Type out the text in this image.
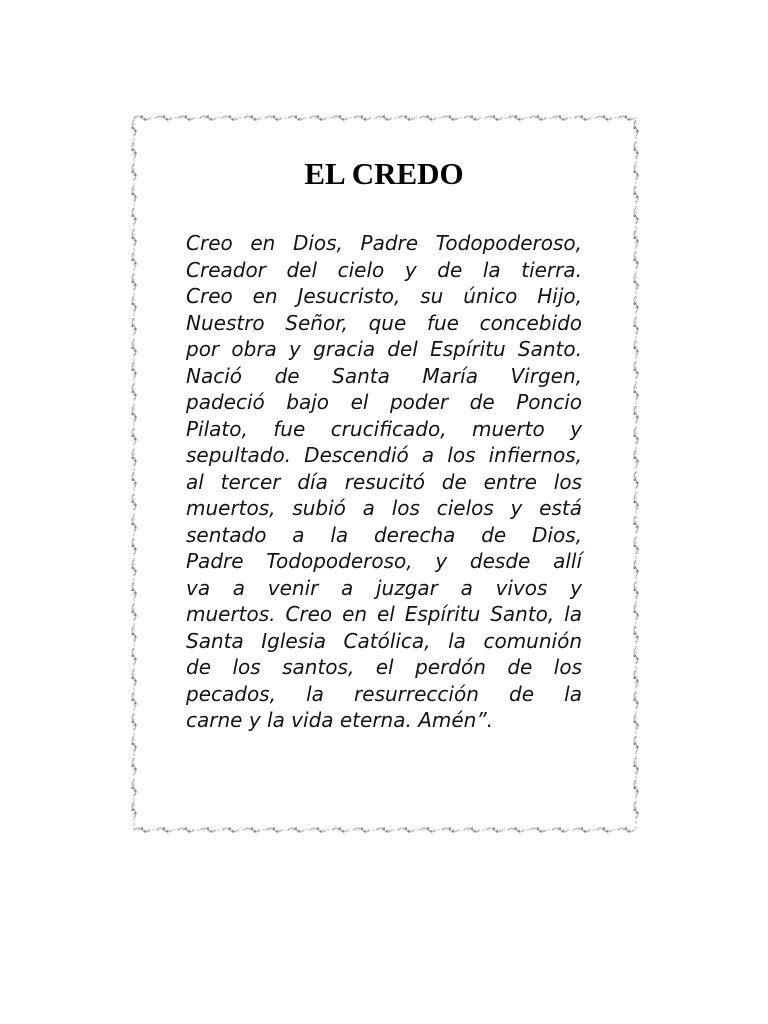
EL CREDO
Creo en Dios, Padre Todopoderoso,
Creador del cielo y de la tierra.
Creo en Jesucristo, su único Hijo,
Nuestro Señor, que fue concebido
por obra y gracia del Espíritu Santo.
Nació de Santa María Virgen,
padeció bajo el poder de Poncio
Pilato, fue crucificado, muerto y
sepultado. Descendió a los infiernos,
al tercer día resucitó de entre los
muertos, subió a los cielos y está
sentado a la derecha de Dios,
Padre Todopoderoso, y desde allí
va a venir a juzgar a vivos y
muertos. Creo en el Espíritu Santo, la
Santa Iglesia Católica, la comunión
de los santos, el perdón de los
pecados, la resurrección de la
carne y la vida eterna. Amén”.
